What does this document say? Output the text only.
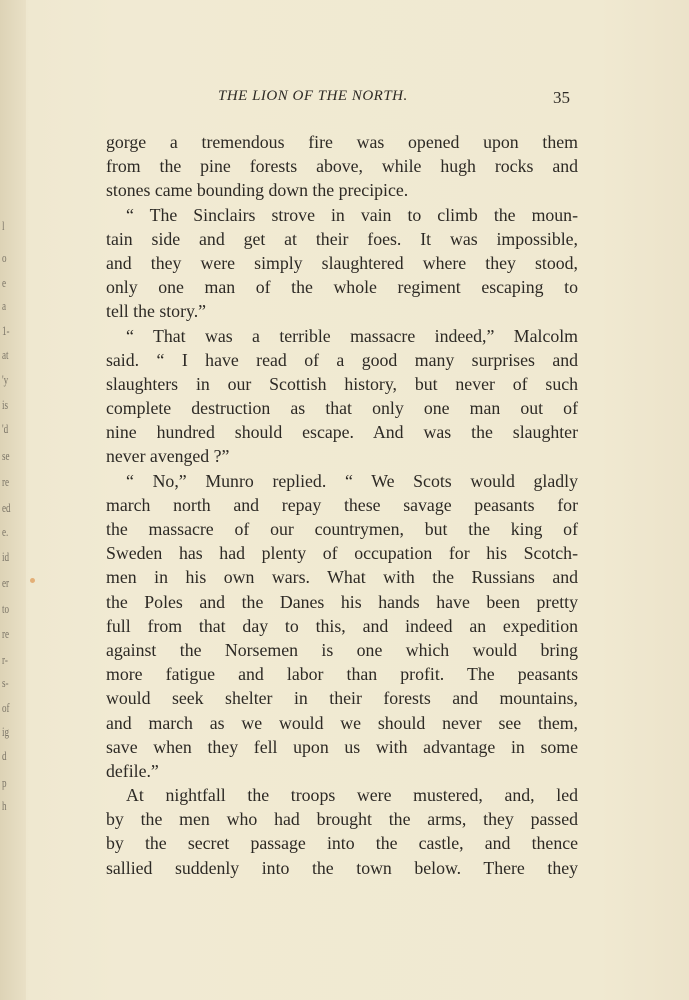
l
o
e
a
1-
at
'y
is
'd
se
re
ed
e.
id
er
to
re
r-
s-
of
ig
d
p
h
THE LION OF THE NORTH.	35
gorge a tremendous fire was opened upon them
from the pine forests above, while hugh rocks and
stones came bounding down the precipice.
“ The Sinclairs strove in vain to climb the moun-
tain side and get at their foes. It was impossible,
and they were simply slaughtered where they stood,
only one man of the whole regiment escaping to
tell the story.”
“ That was a terrible massacre indeed,” Malcolm
said. “ I have read of a good many surprises and
slaughters in our Scottish history, but never of such
complete destruction as that only one man out of
nine hundred should escape. And was the slaughter
never avenged ?”
“ No,” Munro replied. “ We Scots would gladly
march north and repay these savage peasants for
the massacre of our countrymen, but the king of
Sweden has had plenty of occupation for his Scotch-
men in his own wars. What with the Russians and
the Poles and the Danes his hands have been pretty
full from that day to this, and indeed an expedition
against the Norsemen is one which would bring
more fatigue and labor than profit. The peasants
would seek shelter in their forests and mountains,
and march as we would we should never see them,
save when they fell upon us with advantage in some
defile.”
At nightfall the troops were mustered, and, led
by the men who had brought the arms, they passed
by the secret passage into the castle, and thence
sallied suddenly into the town below. There they
